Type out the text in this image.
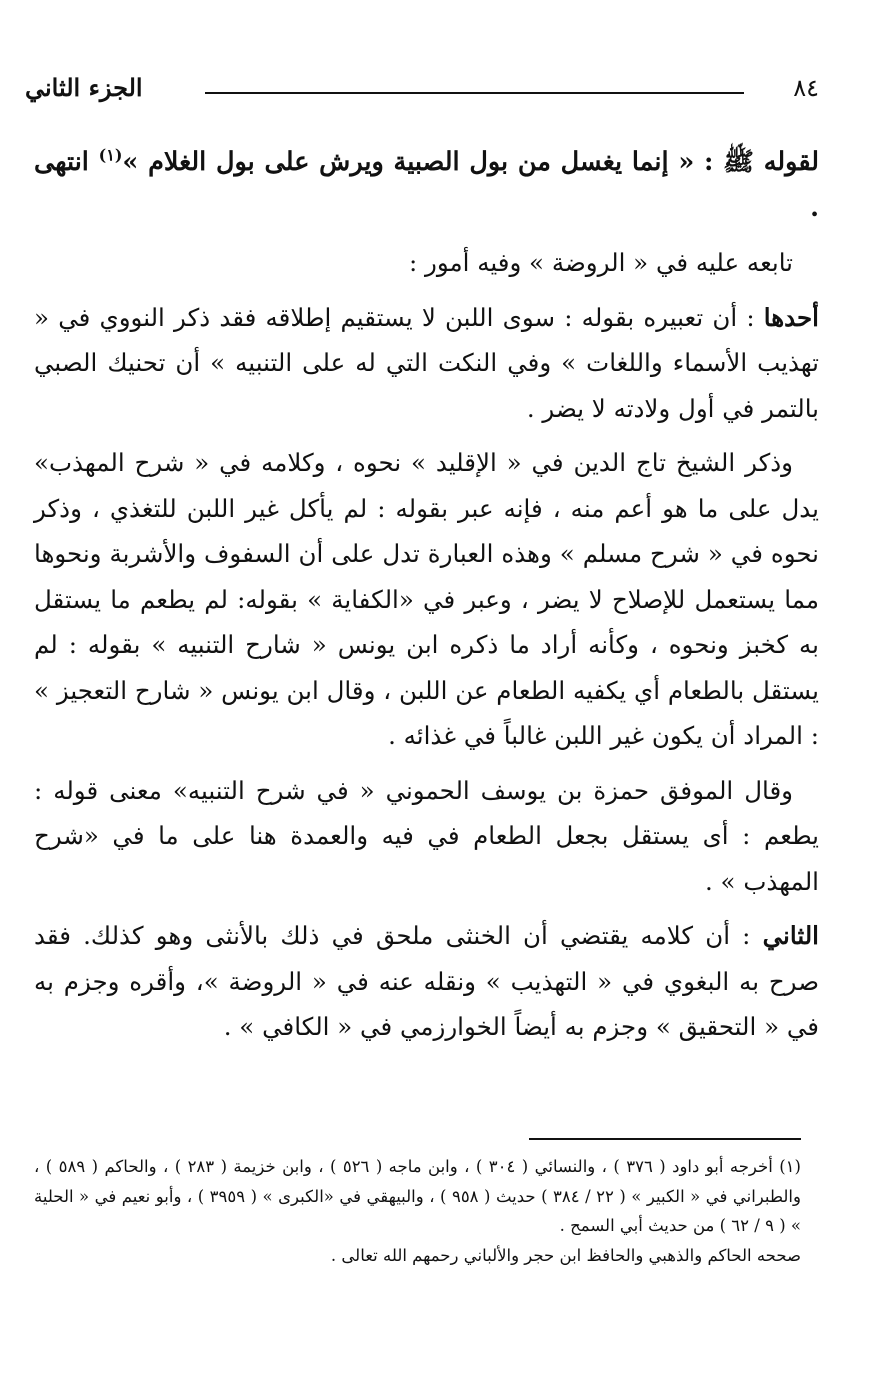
٨٤
الجزء الثاني

لقوله ﷺ : « إنما يغسل من بول الصبية ويرش على بول الغلام »$^{(١)}$ انتهى .

تابعه عليه في « الروضة » وفيه أمور :

أحدها : أن تعبيره بقوله : سوى اللبن لا يستقيم إطلاقه فقد ذكر النووي في « تهذيب الأسماء واللغات » وفي النكت التي له على التنبيه » أن تحنيك الصبي بالتمر في أول ولادته لا يضر .

وذكر الشيخ تاج الدين في « الإقليد » نحوه ، وكلامه في « شرح المهذب» يدل على ما هو أعم منه ، فإنه عبر بقوله : لم يأكل غير اللبن للتغذي ، وذكر نحوه في « شرح مسلم » وهذه العبارة تدل على أن السفوف والأشربة ونحوها مما يستعمل للإصلاح لا يضر ، وعبر في «الكفاية » بقوله: لم يطعم ما يستقل به كخبز ونحوه ، وكأنه أراد ما ذكره ابن يونس « شارح التنبيه » بقوله : لم يستقل بالطعام أي يكفيه الطعام عن اللبن ، وقال ابن يونس « شارح التعجيز » : المراد أن يكون غير اللبن غالباً في غذائه .

وقال الموفق حمزة بن يوسف الحموني « في شرح التنبيه» معنى قوله : يطعم : أى يستقل بجعل الطعام في فيه والعمدة هنا على ما في «شرح المهذب » .

الثاني : أن كلامه يقتضي أن الخنثى ملحق في ذلك بالأنثى وهو كذلك. فقد صرح به البغوي في « التهذيب » ونقله عنه في « الروضة »، وأقره وجزم به في « التحقيق » وجزم به أيضاً الخوارزمي في « الكافي » .

(١) أخرجه أبو داود ( ٣٧٦ ) ، والنسائي ( ٣٠٤ ) ، وابن ماجه ( ٥٢٦ ) ، وابن خزيمة ( ٢٨٣ ) ، والحاكم ( ٥٨٩ ) ، والطبراني في « الكبير » ( ٢٢ / ٣٨٤ ) حديث ( ٩٥٨ ) ، والبيهقي في «الكبرى » ( ٣٩٥٩ ) ، وأبو نعيم في « الحلية » ( ٩ / ٦٢ ) من حديث أبي السمح .

صححه الحاكم والذهبي والحافظ ابن حجر والألباني رحمهم الله تعالى .
